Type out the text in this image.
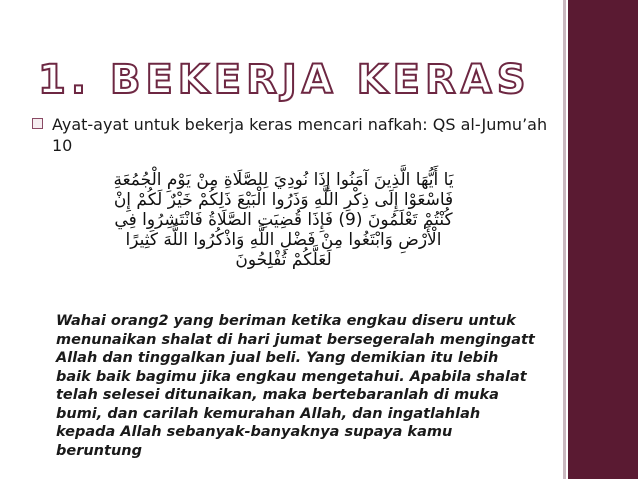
1. BEKERJA KERAS
Ayat-ayat untuk bekerja keras mencari nafkah: QS al-Jumu’ah 10
يَا أَيُّهَا الَّذِينَ آمَنُوا إِذَا نُودِيَ لِلصَّلَاةِ مِنْ يَوْمِ الْجُمُعَةِ
فَاسْعَوْا إِلَى ذِكْرِ اللَّهِ وَذَرُوا الْبَيْعَ ذَلِكُمْ خَيْرٌ لَكُمْ إِنْ
كُنْتُمْ تَعْلَمُونَ (9) فَإِذَا قُضِيَتِ الصَّلَاةُ فَانْتَشِرُوا فِي
الْأَرْضِ وَابْتَغُوا مِنْ فَضْلِ اللَّهِ وَاذْكُرُوا اللَّهَ كَثِيرًا
لَعَلَّكُمْ تُفْلِحُونَ
Wahai orang2 yang beriman ketika engkau diseru untuk menunaikan shalat di hari jumat bersegeralah mengingatt Allah dan tinggalkan jual beli. Yang demikian itu lebih baik baik bagimu jika engkau mengetahui. Apabila shalat telah selesei ditunaikan, maka bertebaranlah di muka bumi, dan carilah kemurahan Allah, dan ingatlahlah kepada Allah sebanyak-banyaknya supaya kamu beruntung
